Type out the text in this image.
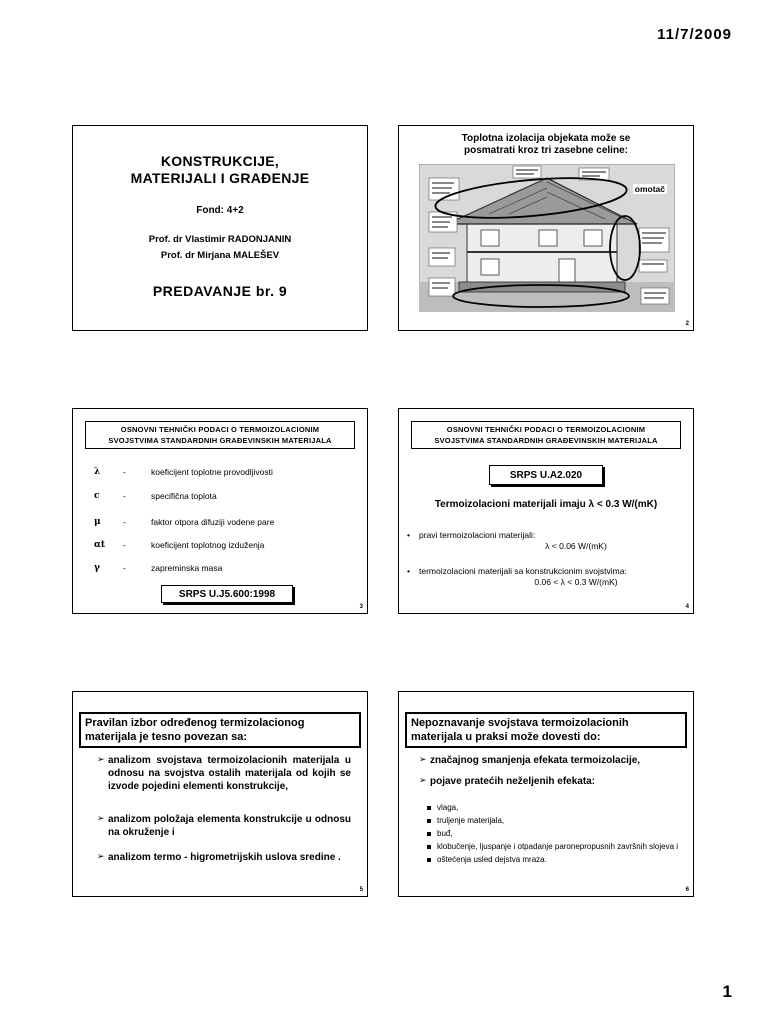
11/7/2009
KONSTRUKCIJE,
MATERIJALI I GRAĐENJE
Fond: 4+2
Prof. dr Vlastimir RADONJANIN
Prof. dr Mirjana MALEŠEV
PREDAVANJE br. 9
Toplotna izolacija objekata može se
posmatrati kroz tri zasebne celine:
omotač
2
OSNOVNI TEHNIČKI PODACI O TERMOIZOLACIONIM
SVOJSTVIMA STANDARDNIH GRAĐEVINSKIH MATERIJALA
λ	-	koeficijent toplotne provodljivosti
c	-	specifična toplota
μ	-	faktor otpora difuziji vodene pare
αt -	koeficijent toplotnog izduženja
γ	-	zapreminska masa
SRPS U.J5.600:1998
3
OSNOVNI TEHNIČKI PODACI O TERMOIZOLACIONIM
SVOJSTVIMA STANDARDNIH GRAĐEVINSKIH MATERIJALA
SRPS U.A2.020
Termoizolacioni materijali imaju λ < 0.3 W/(mK)
•	pravi termoizolacioni materijali:
λ < 0.06 W/(mK)
•	termoizolacioni materijali sa konstrukcionim svojstvima:
0.06 < λ < 0.3 W/(mK)
4
Pravilan izbor određenog termizolacionog
materijala je tesno povezan sa:
➢ analizom svojstava termoizolacionih materijala u odnosu na svojstva ostalih materijala od kojih se izvode pojedini elementi konstrukcije,
➢ analizom položaja elementa konstrukcije u odnosu na okruženje i
➢ analizom termo - higrometrijskih uslova sredine .
5
Nepoznavanje svojstava termoizolacionih
materijala u praksi može dovesti do:
➢ značajnog smanjenja efekata termoizolacije,
➢ pojave pratećih neželjenih efekata:
vlaga,
truljenje materijala,
buđ,
klobučenje, ljuspanje i otpadanje paronepropusnih završnih slojeva i
oštećenja usled dejstva mraza.
6
1
